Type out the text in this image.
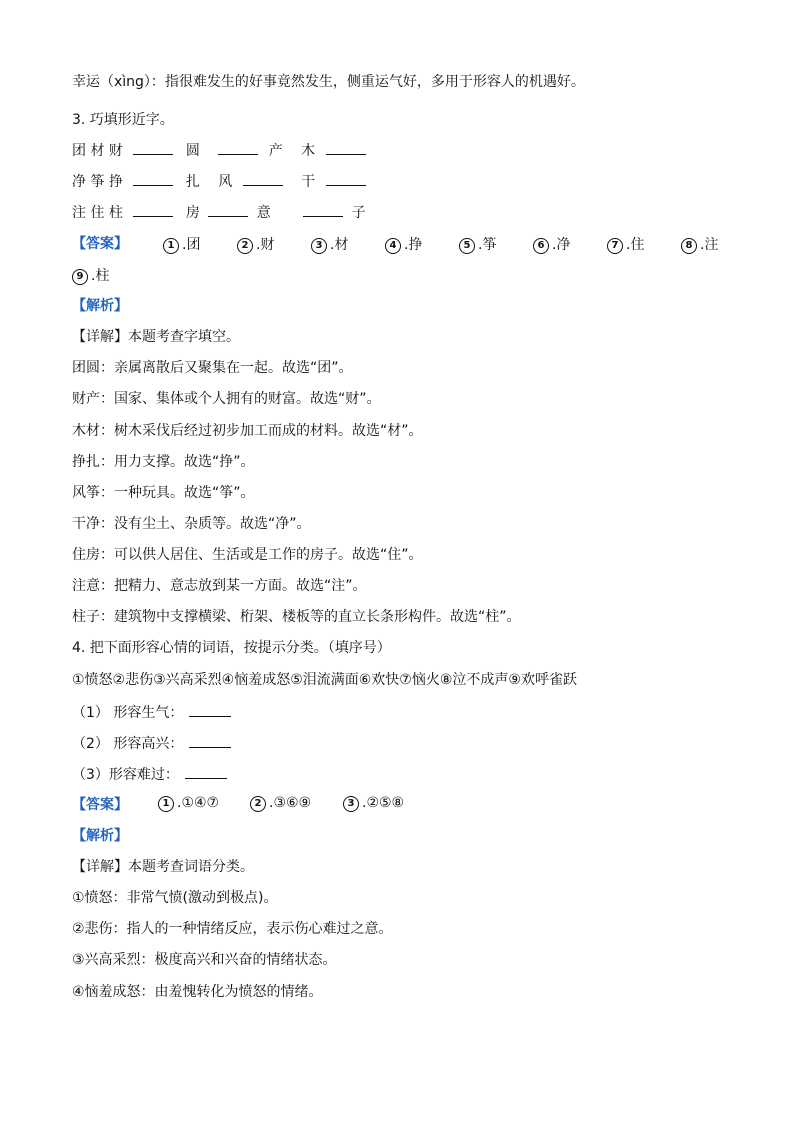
幸运（xìng）：指很难发生的好事竟然发生，侧重运气好，多用于形容人的机遇好。
3. 巧填形近字。
团 材 财	圆	产 木
净 筝 挣	扎 风	干
注 住 柱	房	意	子
【答案】	1 .团	2 .财	3 .材	4 .挣	5 .筝	6 .净	7 .住	8 .注
9 .柱
【解析】
【详解】本题考查字填空。
团圆：亲属离散后又聚集在一起。故选“团”。
财产：国家、集体或个人拥有的财富。故选“财”。
木材：树木采伐后经过初步加工而成的材料。故选“材”。
挣扎：用力支撑。故选“挣”。
风筝：一种玩具。故选“筝”。
干净：没有尘土、杂质等。故选“净”。
住房：可以供人居住、生活或是工作的房子。故选“住”。
注意：把精力、意志放到某一方面。故选“注”。
柱子：建筑物中支撑横梁、桁架、楼板等的直立长条形构件。故选“柱”。
4. 把下面形容心情的词语，按提示分类。（填序号）
①愤怒②悲伤③兴高采烈④恼羞成怒⑤泪流满面⑥欢快⑦恼火⑧泣不成声⑨欢呼雀跃
（1） 形容生气：
（2） 形容高兴：
（3）形容难过：
【答案】	1 .①④⑦	2 .③⑥⑨	3 .②⑤⑧
【解析】
【详解】本题考查词语分类。
①愤怒：非常气愤(激动到极点)。
②悲伤：指人的一种情绪反应，表示伤心难过之意。
③兴高采烈：极度高兴和兴奋的情绪状态。
④恼羞成怒：由羞愧转化为愤怒的情绪。
